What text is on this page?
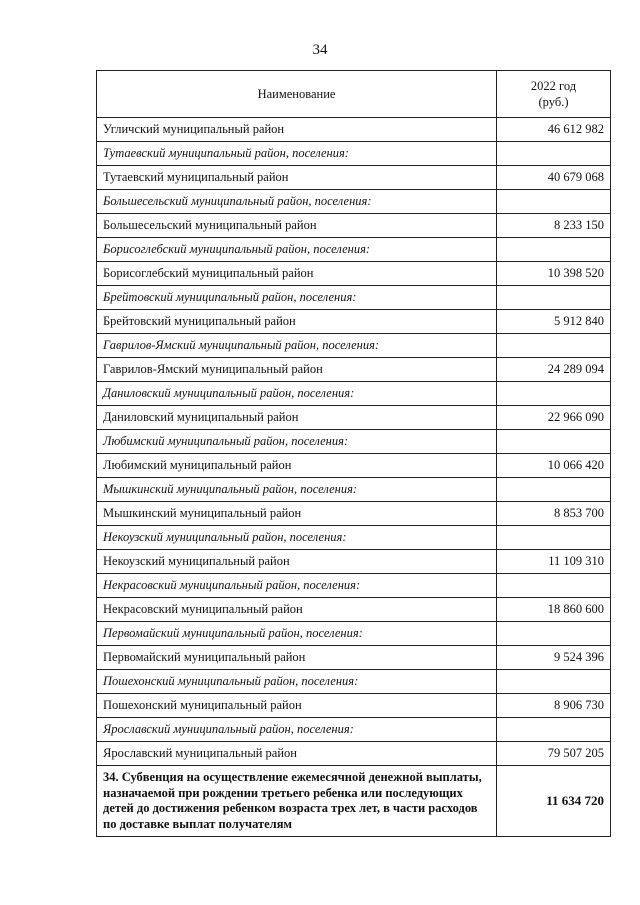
34
Наименование	2022 год
(руб.)
Угличский муниципальный район	46 612 982
Тутаевский муниципальный район, поселения:	
Тутаевский муниципальный район	40 679 068
Большесельский муниципальный район, поселения:	
Большесельский муниципальный район	8 233 150
Борисоглебский муниципальный район, поселения:	
Борисоглебский муниципальный район	10 398 520
Брейтовский муниципальный район, поселения:	
Брейтовский муниципальный район	5 912 840
Гаврилов-Ямский муниципальный район, поселения:	
Гаврилов-Ямский муниципальный район	24 289 094
Даниловский муниципальный район, поселения:	
Даниловский муниципальный район	22 966 090
Любимский муниципальный район, поселения:	
Любимский муниципальный район	10 066 420
Мышкинский муниципальный район, поселения:	
Мышкинский муниципальный район	8 853 700
Некоузский муниципальный район, поселения:	
Некоузский муниципальный район	11 109 310
Некрасовский муниципальный район, поселения:	
Некрасовский муниципальный район	18 860 600
Первомайский муниципальный район, поселения:	
Первомайский муниципальный район	9 524 396
Пошехонский муниципальный район, поселения:	
Пошехонский муниципальный район	8 906 730
Ярославский муниципальный район, поселения:	
Ярославский муниципальный район	79 507 205
34. Субвенция на осуществление ежемесячной денежной выплаты, назначаемой при рождении третьего ребенка или последующих детей до достижения ребенком возраста трех лет, в части расходов по доставке выплат получателям	11 634 720
